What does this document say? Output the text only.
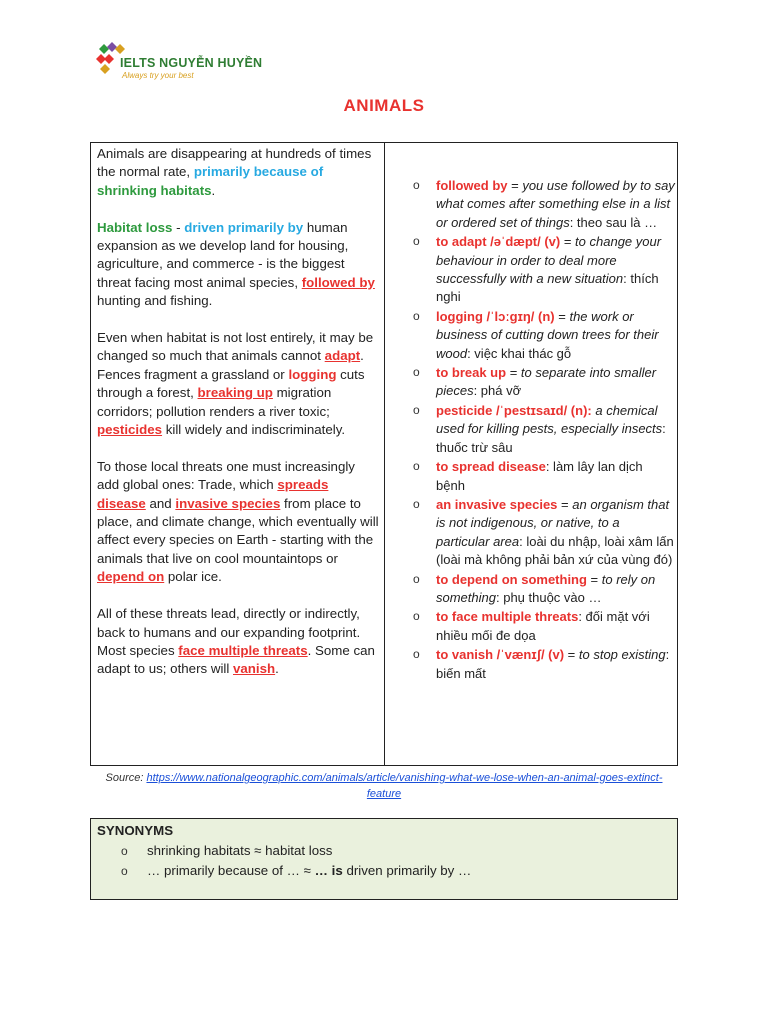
IELTS NGUYỄN HUYỀN
Always try your best
ANIMALS

Animals are disappearing at hundreds of times the normal rate, primarily because of shrinking habitats.

Habitat loss - driven primarily by human expansion as we develop land for housing, agriculture, and commerce - is the biggest threat facing most animal species, followed by hunting and fishing.

Even when habitat is not lost entirely, it may be changed so much that animals cannot adapt. Fences fragment a grassland or logging cuts through a forest, breaking up migration corridors; pollution renders a river toxic; pesticides kill widely and indiscriminately.

To those local threats one must increasingly add global ones: Trade, which spreads disease and invasive species from place to place, and climate change, which eventually will affect every species on Earth - starting with the animals that live on cool mountaintops or depend on polar ice.

All of these threats lead, directly or indirectly, back to humans and our expanding footprint. Most species face multiple threats. Some can adapt to us; others will vanish.

o followed by = you use followed by to say what comes after something else in a list or ordered set of things: theo sau là …
o to adapt /əˈdæpt/ (v) = to change your behaviour in order to deal more successfully with a new situation: thích nghi
o logging /ˈlɔːɡɪŋ/ (n) = the work or business of cutting down trees for their wood: việc khai thác gỗ
o to break up = to separate into smaller pieces: phá vỡ
o pesticide /ˈpestɪsaɪd/ (n): a chemical used for killing pests, especially insects: thuốc trừ sâu
o to spread disease: làm lây lan dịch bệnh
o an invasive species = an organism that is not indigenous, or native, to a particular area: loài du nhập, loài xâm lấn (loài mà không phải bản xứ của vùng đó)
o to depend on something = to rely on something: phụ thuộc vào …
o to face multiple threats: đối mặt với nhiều mối đe dọa
o to vanish /ˈvænɪʃ/ (v) = to stop existing: biến mất
Source: https://www.nationalgeographic.com/animals/article/vanishing-what-we-lose-when-an-animal-goes-extinct-feature
SYNONYMS
o shrinking habitats ≈ habitat loss
o … primarily because of … ≈ … is driven primarily by …
